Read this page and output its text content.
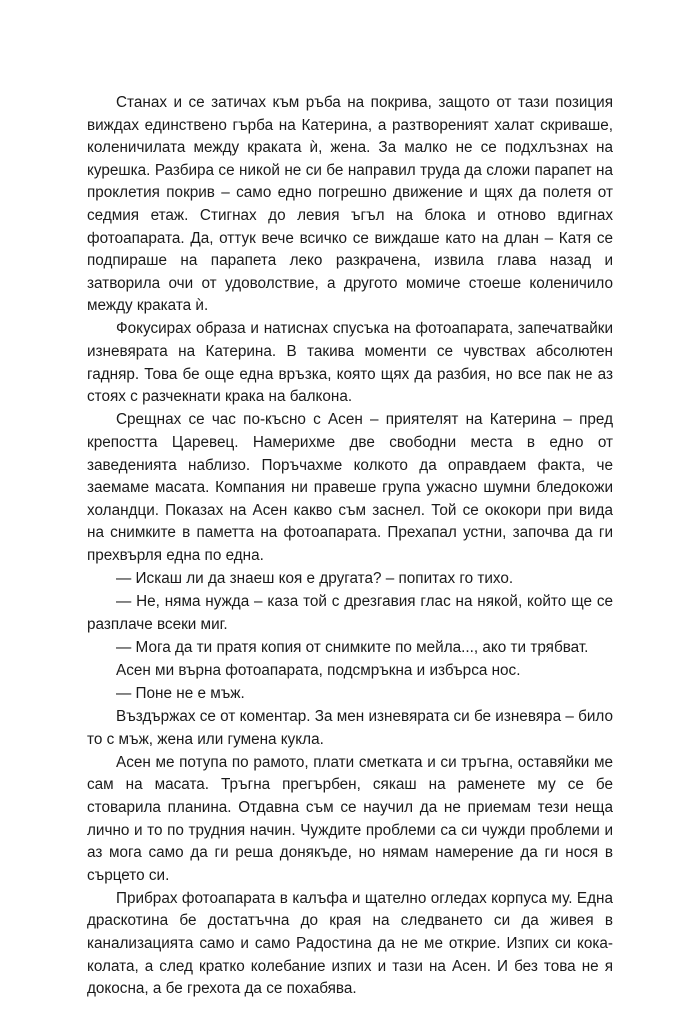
Станах и се затичах към ръба на покрива, защото от тази позиция виждах единствено гърба на Катерина, а разтвореният халат скриваше, коленичилата между краката ѝ, жена. За малко не се подхлъзнах на курешка. Разбира се никой не си бе направил труда да сложи парапет на проклетия покрив – само едно погрешно движение и щях да полетя от седмия етаж. Стигнах до левия ъгъл на блока и отново вдигнах фотоапарата. Да, оттук вече всичко се виждаше като на длан – Катя се подпираше на парапета леко разкрачена, извила глава назад и затворила очи от удоволствие, а другото момиче стоеше коленичило между краката ѝ.

Фокусирах образа и натиснах спусъка на фотоапарата, запечатвайки изневярата на Катерина. В такива моменти се чувствах абсолютен гадняр. Това бе още една връзка, която щях да разбия, но все пак не аз стоях с разчекнати крака на балкона.

Срещнах се час по-късно с Асен – приятелят на Катерина – пред крепостта Царевец. Намерихме две свободни места в едно от заведенията наблизо. Поръчахме колкото да оправдаем факта, че заемаме масата. Компания ни правеше група ужасно шумни бледокожи холандци. Показах на Асен какво съм заснел. Той се ококори при вида на снимките в паметта на фотоапарата. Прехапал устни, започва да ги прехвърля една по една.

— Искаш ли да знаеш коя е другата? – попитах го тихо.

— Не, няма нужда – каза той с дрезгавия глас на някой, който ще се разплаче всеки миг.

— Мога да ти пратя копия от снимките по мейла..., ако ти трябват.

Асен ми върна фотоапарата, подсмръкна и избърса нос.

— Поне не е мъж.

Въздържах се от коментар. За мен изневярата си бе изневяра – било то с мъж, жена или гумена кукла.

Асен ме потупа по рамото, плати сметката и си тръгна, оставяйки ме сам на масата. Тръгна прегърбен, сякаш на раменете му се бе стоварила планина. Отдавна съм се научил да не приемам тези неща лично и то по трудния начин. Чуждите проблеми са си чужди проблеми и аз мога само да ги реша донякъде, но нямам намерение да ги нося в сърцето си.

Прибрах фотоапарата в калъфа и щателно огледах корпуса му. Една драскотина бе достатъчна до края на следването си да живея в канализацията само и само Радостина да не ме открие. Изпих си кока-колата, а след кратко колебание изпих и тази на Асен. И без това не я докосна, а бе грехота да се похабява.
